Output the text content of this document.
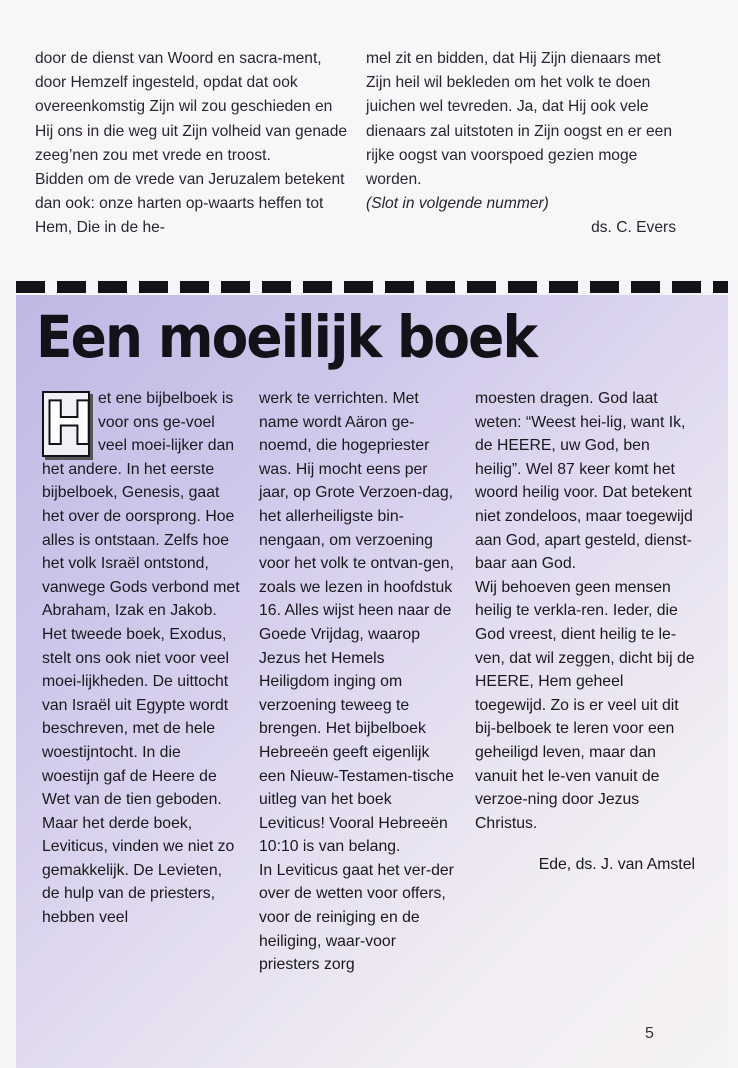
door de dienst van Woord en sacra-ment, door Hemzelf ingesteld, opdat dat ook overeenkomstig Zijn wil zou geschieden en Hij ons in die weg uit Zijn volheid van genade zeeg’nen zou met vrede en troost.

Bidden om de vrede van Jeruzalem betekent dan ook: onze harten op-waarts heffen tot Hem, Die in de he-

mel zit en bidden, dat Hij Zijn dienaars met Zijn heil wil bekleden om het volk te doen juichen wel tevreden. Ja, dat Hij ook vele dienaars zal uitstoten in Zijn oogst en er een rijke oogst van voorspoed gezien moge worden.

(Slot in volgende nummer)

ds. C. Evers

Een moeilijk boek

H et ene bijbelboek is voor ons ge-voel veel moei-lijker dan het andere. In het eerste bijbelboek, Genesis, gaat het over de oorsprong. Hoe alles is ontstaan. Zelfs hoe het volk Israël ontstond, vanwege Gods verbond met Abraham, Izak en Jakob. Het tweede boek, Exodus, stelt ons ook niet voor veel moei-lijkheden. De uittocht van Israël uit Egypte wordt beschreven, met de hele woestijntocht. In die woestijn gaf de Heere de Wet van de tien geboden.

Maar het derde boek, Leviticus, vinden we niet zo gemakkelijk. De Levieten, de hulp van de priesters, hebben veel

werk te verrichten. Met name wordt Aäron ge-noemd, die hogepriester was. Hij mocht eens per jaar, op Grote Verzoen-dag, het allerheiligste bin-nengaan, om verzoening voor het volk te ontvan-gen, zoals we lezen in hoofdstuk 16. Alles wijst heen naar de Goede Vrijdag, waarop Jezus het Hemels Heiligdom inging om verzoening teweeg te brengen. Het bijbelboek Hebreeën geeft eigenlijk een Nieuw-Testamen-tische uitleg van het boek Leviticus! Vooral Hebreeën 10:10 is van belang.

In Leviticus gaat het ver-der over de wetten voor offers, voor de reiniging en de heiliging, waar-voor priesters zorg

moesten dragen. God laat weten: “Weest hei-lig, want Ik, de HEERE, uw God, ben heilig”. Wel 87 keer komt het woord heilig voor. Dat betekent niet zondeloos, maar toegewijd aan God, apart gesteld, dienst-baar aan God.

Wij behoeven geen mensen heilig te verkla-ren. Ieder, die God vreest, dient heilig te le-ven, dat wil zeggen, dicht bij de HEERE, Hem geheel toegewijd. Zo is er veel uit dit bij-belboek te leren voor een geheiligd leven, maar dan vanuit het le-ven vanuit de verzoe-ning door Jezus Christus.

Ede, ds. J. van Amstel

5
